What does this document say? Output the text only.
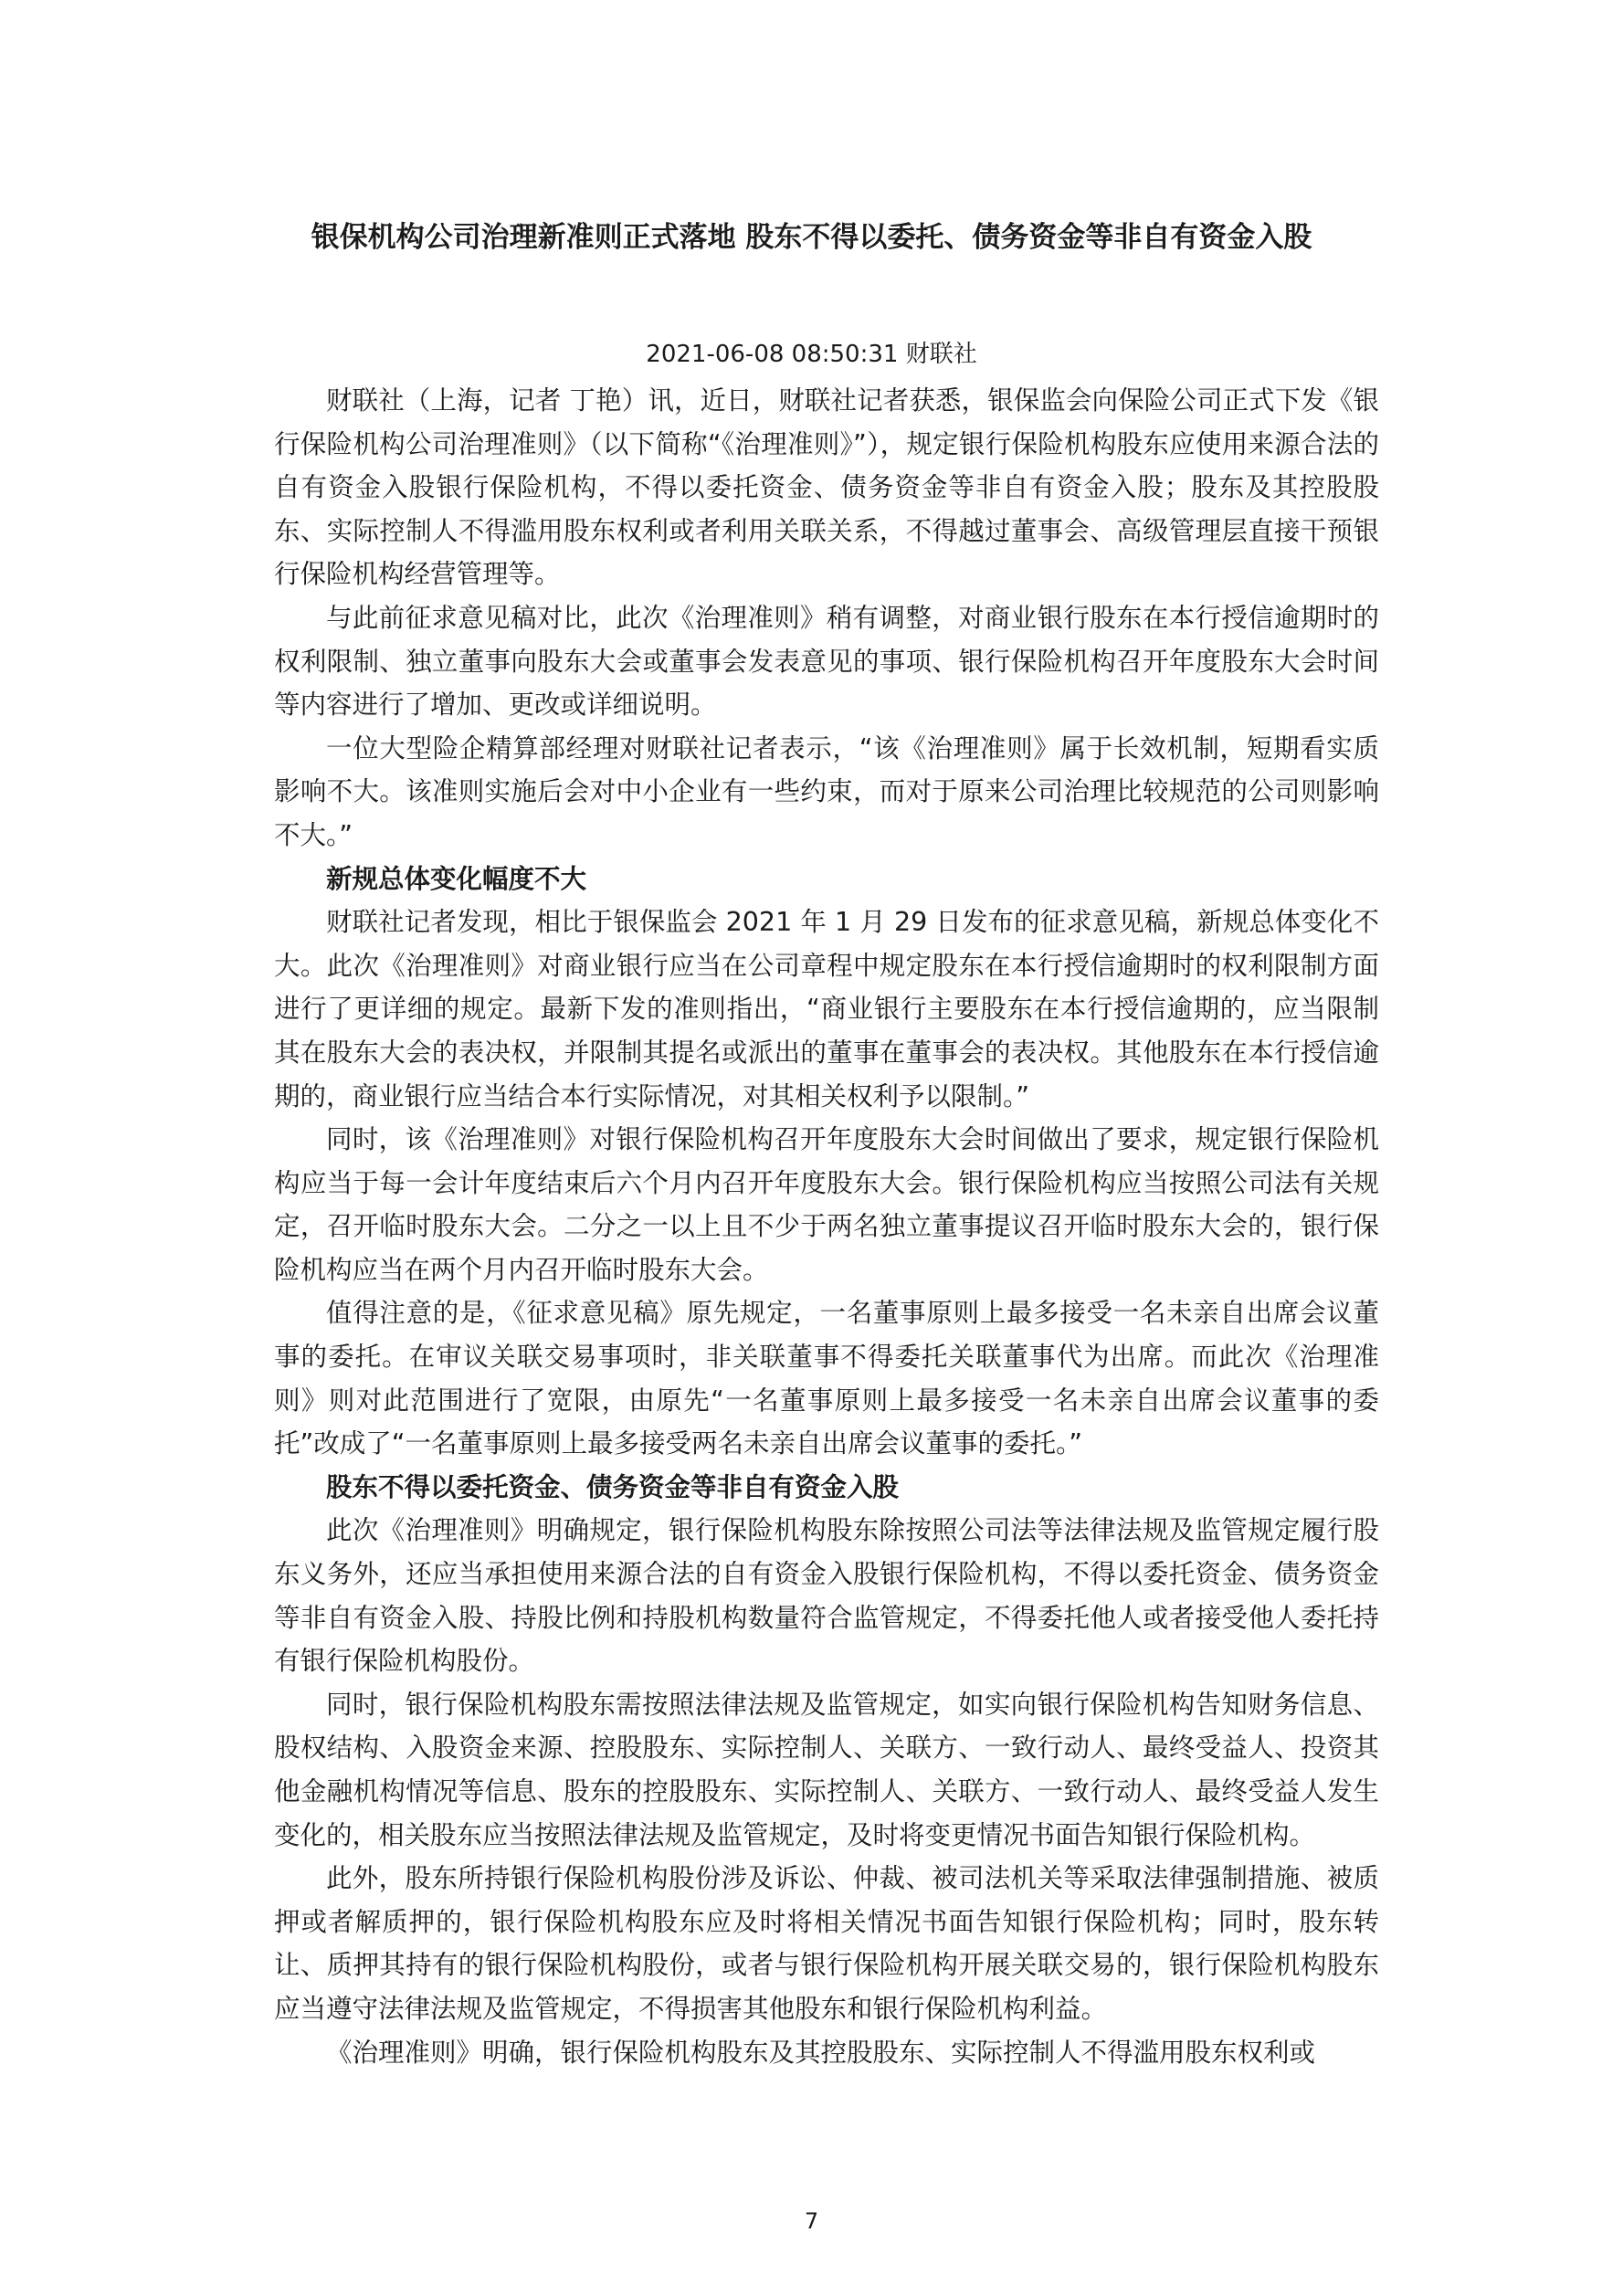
银保机构公司治理新准则正式落地 股东不得以委托、债务资金等非自有资金入股
2021-06-08 08:50:31 财联社

财联社（上海，记者 丁艳）讯，近日，财联社记者获悉，银保监会向保险公司正式下发《银行保险机构公司治理准则》（以下简称“《治理准则》”），规定银行保险机构股东应使用来源合法的自有资金入股银行保险机构，不得以委托资金、债务资金等非自有资金入股；股东及其控股股东、实际控制人不得滥用股东权利或者利用关联关系，不得越过董事会、高级管理层直接干预银行保险机构经营管理等。

与此前征求意见稿对比，此次《治理准则》稍有调整，对商业银行股东在本行授信逾期时的权利限制、独立董事向股东大会或董事会发表意见的事项、银行保险机构召开年度股东大会时间等内容进行了增加、更改或详细说明。

一位大型险企精算部经理对财联社记者表示，“该《治理准则》属于长效机制，短期看实质影响不大。该准则实施后会对中小企业有一些约束，而对于原来公司治理比较规范的公司则影响不大。”

新规总体变化幅度不大

财联社记者发现，相比于银保监会 2021 年 1 月 29 日发布的征求意见稿，新规总体变化不大。此次《治理准则》对商业银行应当在公司章程中规定股东在本行授信逾期时的权利限制方面进行了更详细的规定。最新下发的准则指出，“商业银行主要股东在本行授信逾期的，应当限制其在股东大会的表决权，并限制其提名或派出的董事在董事会的表决权。其他股东在本行授信逾期的，商业银行应当结合本行实际情况，对其相关权利予以限制。”

同时，该《治理准则》对银行保险机构召开年度股东大会时间做出了要求，规定银行保险机构应当于每一会计年度结束后六个月内召开年度股东大会。银行保险机构应当按照公司法有关规定，召开临时股东大会。二分之一以上且不少于两名独立董事提议召开临时股东大会的，银行保险机构应当在两个月内召开临时股东大会。

值得注意的是，《征求意见稿》原先规定，一名董事原则上最多接受一名未亲自出席会议董事的委托。在审议关联交易事项时，非关联董事不得委托关联董事代为出席。而此次《治理准则》则对此范围进行了宽限，由原先“一名董事原则上最多接受一名未亲自出席会议董事的委托”改成了“一名董事原则上最多接受两名未亲自出席会议董事的委托。”

股东不得以委托资金、债务资金等非自有资金入股

此次《治理准则》明确规定，银行保险机构股东除按照公司法等法律法规及监管规定履行股东义务外，还应当承担使用来源合法的自有资金入股银行保险机构，不得以委托资金、债务资金等非自有资金入股、持股比例和持股机构数量符合监管规定，不得委托他人或者接受他人委托持有银行保险机构股份。

同时，银行保险机构股东需按照法律法规及监管规定，如实向银行保险机构告知财务信息、股权结构、入股资金来源、控股股东、实际控制人、关联方、一致行动人、最终受益人、投资其他金融机构情况等信息、股东的控股股东、实际控制人、关联方、一致行动人、最终受益人发生变化的，相关股东应当按照法律法规及监管规定，及时将变更情况书面告知银行保险机构。

此外，股东所持银行保险机构股份涉及诉讼、仲裁、被司法机关等采取法律强制措施、被质押或者解质押的，银行保险机构股东应及时将相关情况书面告知银行保险机构；同时，股东转让、质押其持有的银行保险机构股份，或者与银行保险机构开展关联交易的，银行保险机构股东应当遵守法律法规及监管规定，不得损害其他股东和银行保险机构利益。

《治理准则》明确，银行保险机构股东及其控股股东、实际控制人不得滥用股东权利或

7
